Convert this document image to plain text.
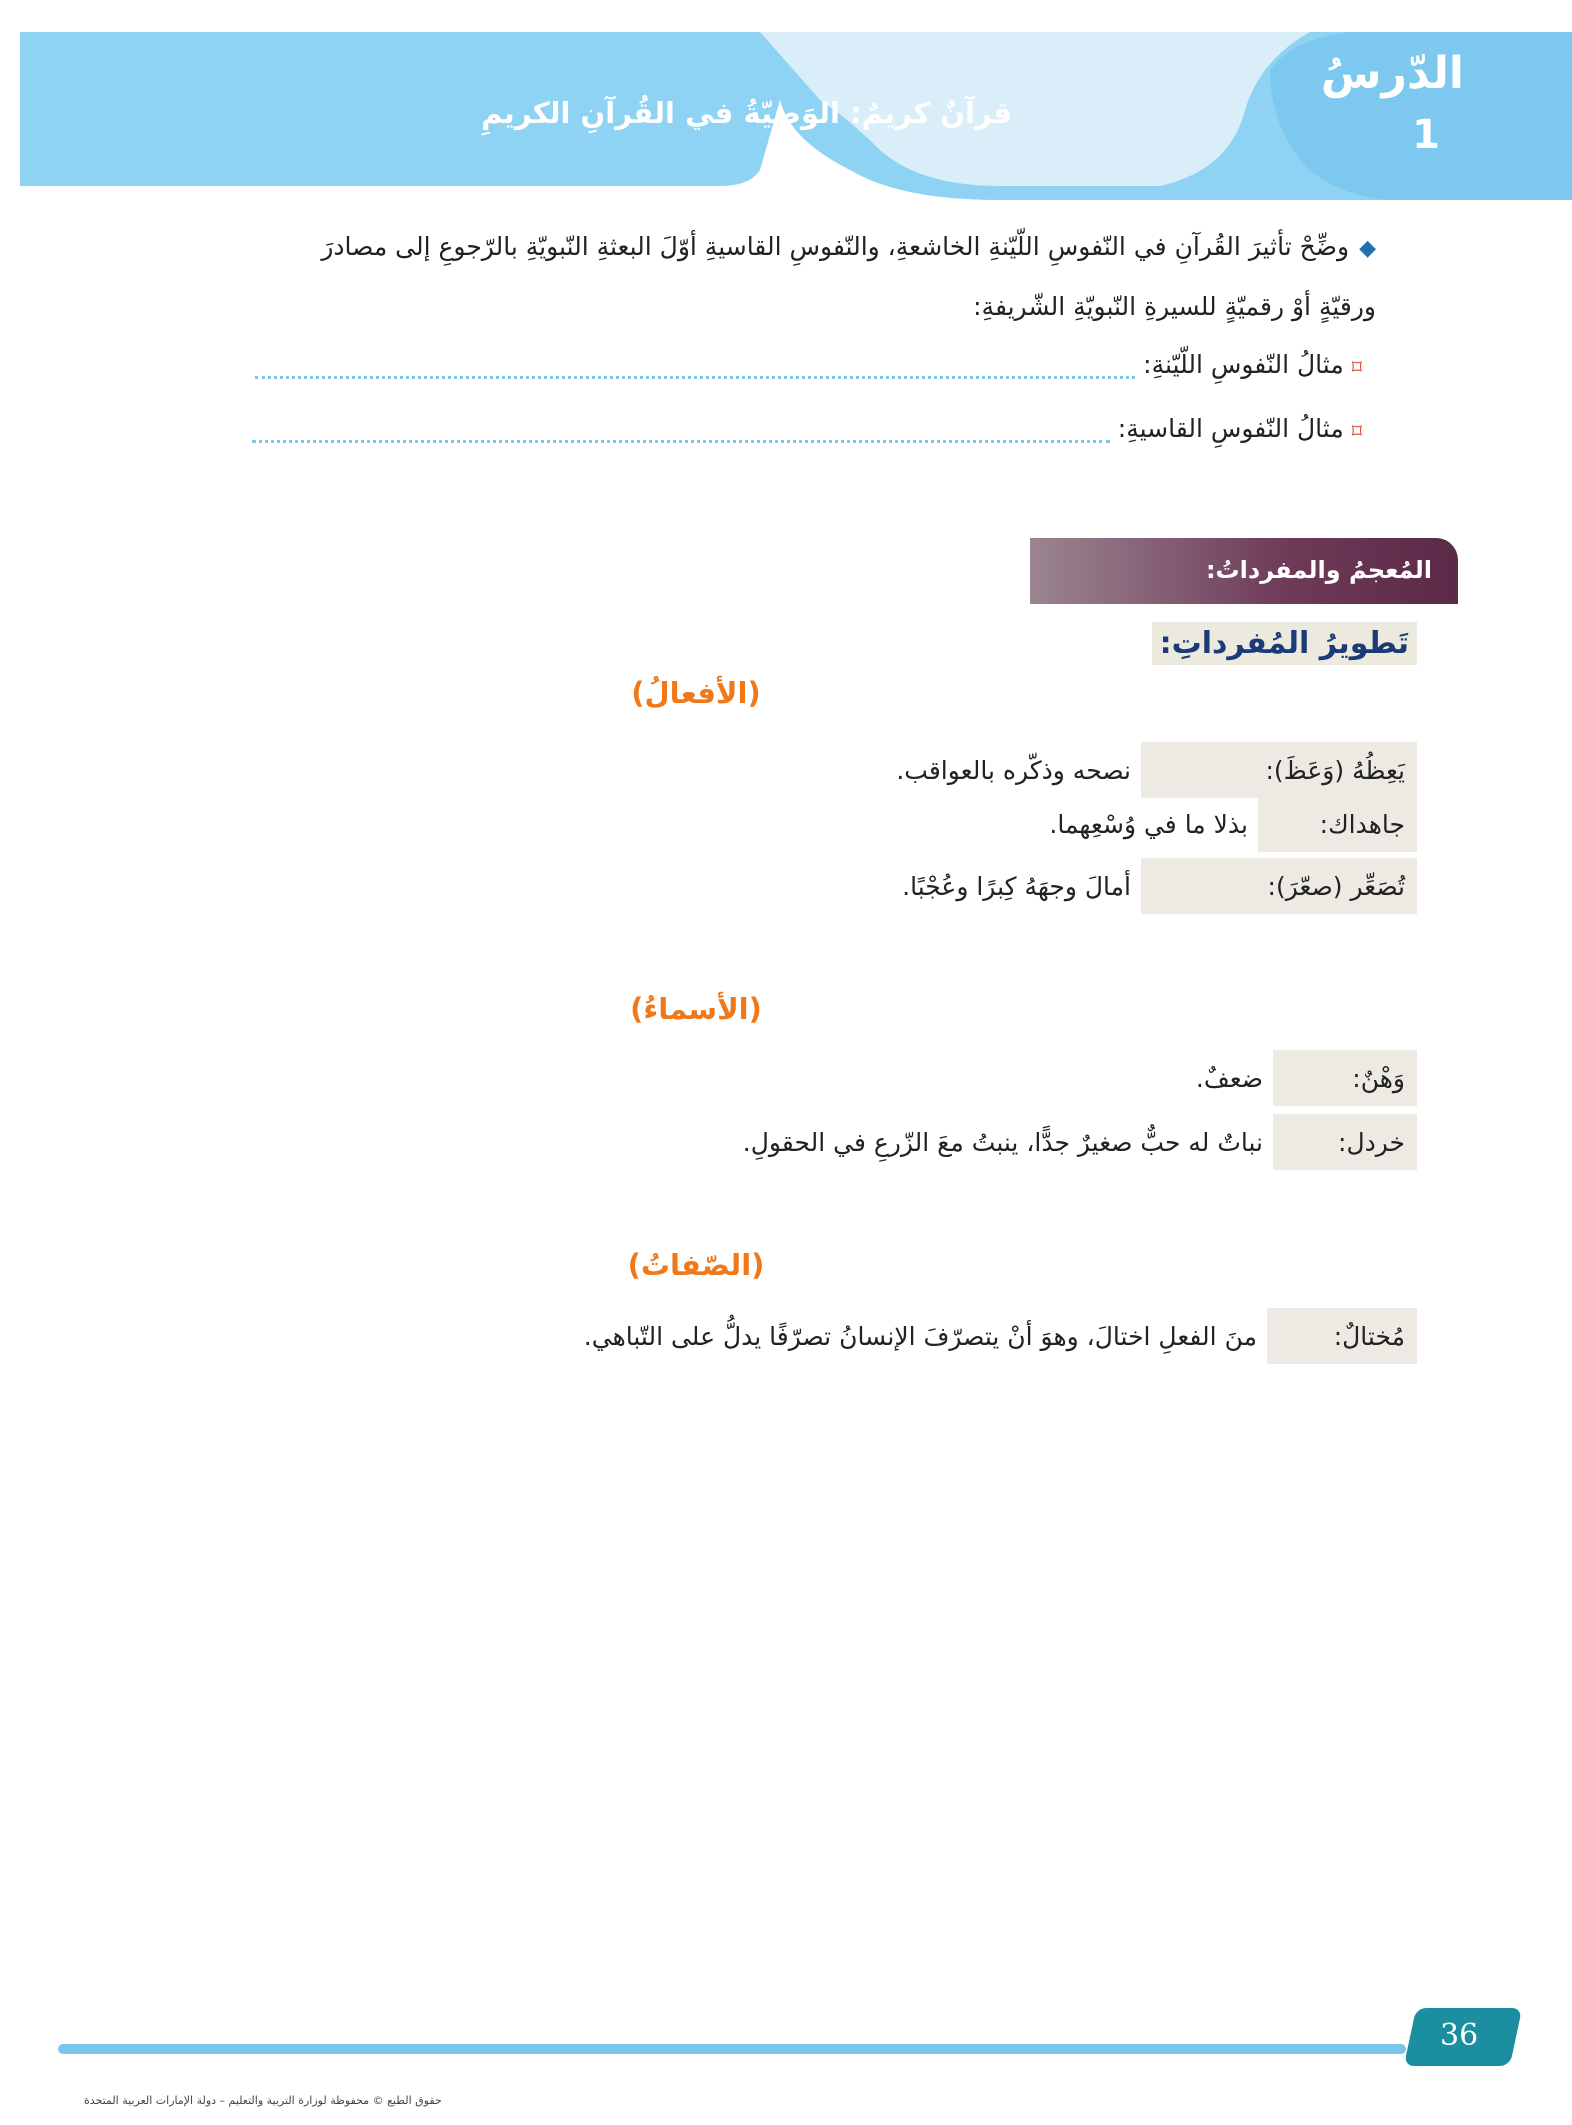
قرآنٌ كريمٌ: الوَصيّةُ في القُرآنِ الكريمِ
الدّرسُ
1
◆وضِّحْ تأثيرَ القُرآنِ في النّفوسِ اللّيّنةِ الخاشعةِ، والنّفوسِ القاسيةِ أوّلَ البعثةِ النّبويّةِ بالرّجوعِ إلى مصادرَ
ورقيّةٍ أوْ رقميّةٍ للسيرةِ النّبويّةِ الشّريفةِ:
⌑
مثالُ النّفوسِ اللّيّنةِ:
⌑
مثالُ النّفوسِ القاسيةِ:
المُعجمُ والمفرداتُ:
تَطويرُ المُفرداتِ:
(الأفعالُ)
(الأسماءُ)
(الصّفاتُ)
يَعِظُهُ (وَعَظَ):
نصحه وذكّره بالعواقب.
جاهداك:
بذلا ما في وُسْعِهما.
تُصَعِّر (صعّرَ):
أمالَ وجهَهُ كِبرًا وعُجْبًا.
وَهْنٌ:
ضعفٌ.
خردل:
نباتٌ له حبٌّ صغيرٌ جدًّا، ينبتُ معَ الزّرعِ في الحقولِ.
مُختالٌ:
منَ الفعلِ اختالَ، وهوَ أنْ يتصرّفَ الإنسانُ تصرّفًا يدلُّ على التّباهي.
36
حقوق الطبع © محفوظة لوزارة التربية والتعليم – دولة الإمارات العربية المتحدة
